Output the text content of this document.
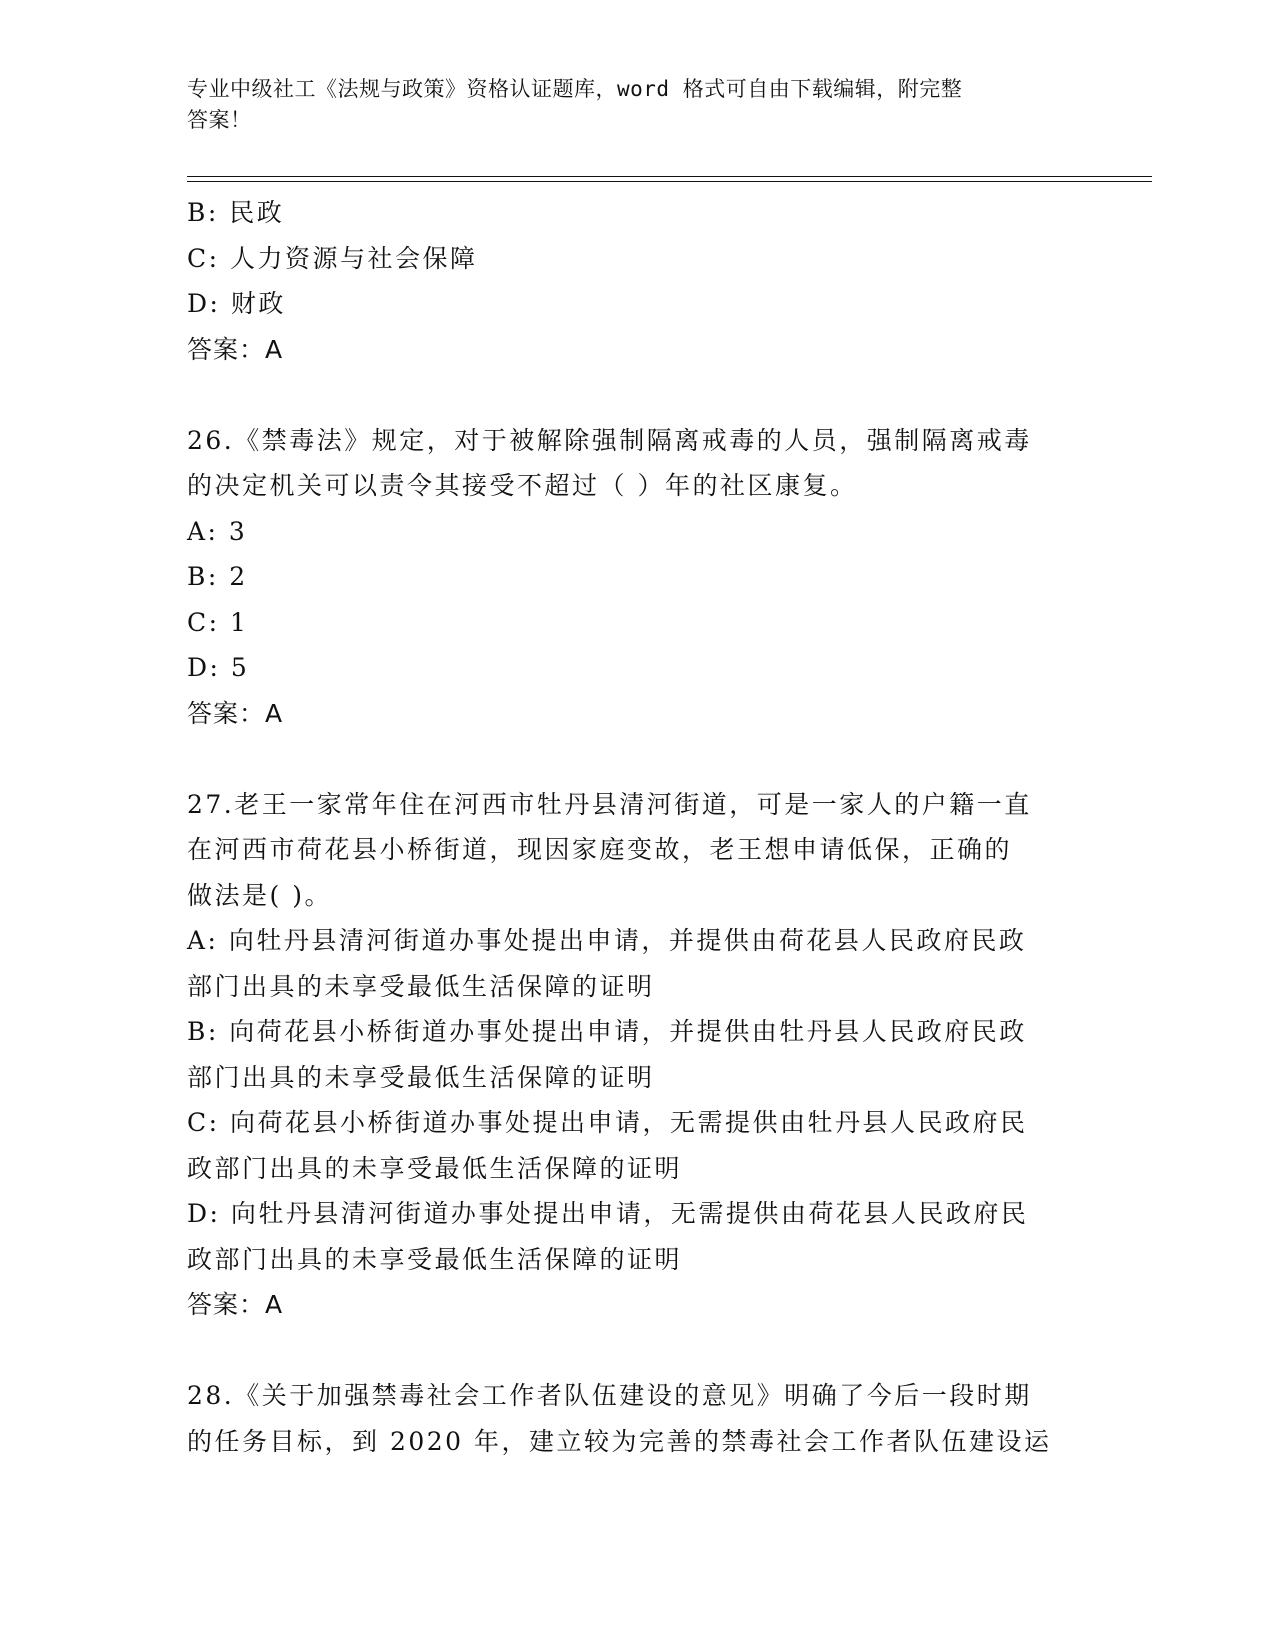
专业中级社工《法规与政策》资格认证题库，word 格式可自由下载编辑，附完整
答案！
B: 民政
C: 人力资源与社会保障
D: 财政
答案：A
26.《禁毒法》规定，对于被解除强制隔离戒毒的人员，强制隔离戒毒
的决定机关可以责令其接受不超过（ ）年的社区康复。
A: 3
B: 2
C: 1
D: 5
答案：A
27.老王一家常年住在河西市牡丹县清河街道，可是一家人的户籍一直
在河西市荷花县小桥街道，现因家庭变故，老王想申请低保，正确的
做法是( )。
A: 向牡丹县清河街道办事处提出申请，并提供由荷花县人民政府民政
部门出具的未享受最低生活保障的证明
B: 向荷花县小桥街道办事处提出申请，并提供由牡丹县人民政府民政
部门出具的未享受最低生活保障的证明
C: 向荷花县小桥街道办事处提出申请，无需提供由牡丹县人民政府民
政部门出具的未享受最低生活保障的证明
D: 向牡丹县清河街道办事处提出申请，无需提供由荷花县人民政府民
政部门出具的未享受最低生活保障的证明
答案：A
28.《关于加强禁毒社会工作者队伍建设的意见》明确了今后一段时期
的任务目标，到 2020 年，建立较为完善的禁毒社会工作者队伍建设运
